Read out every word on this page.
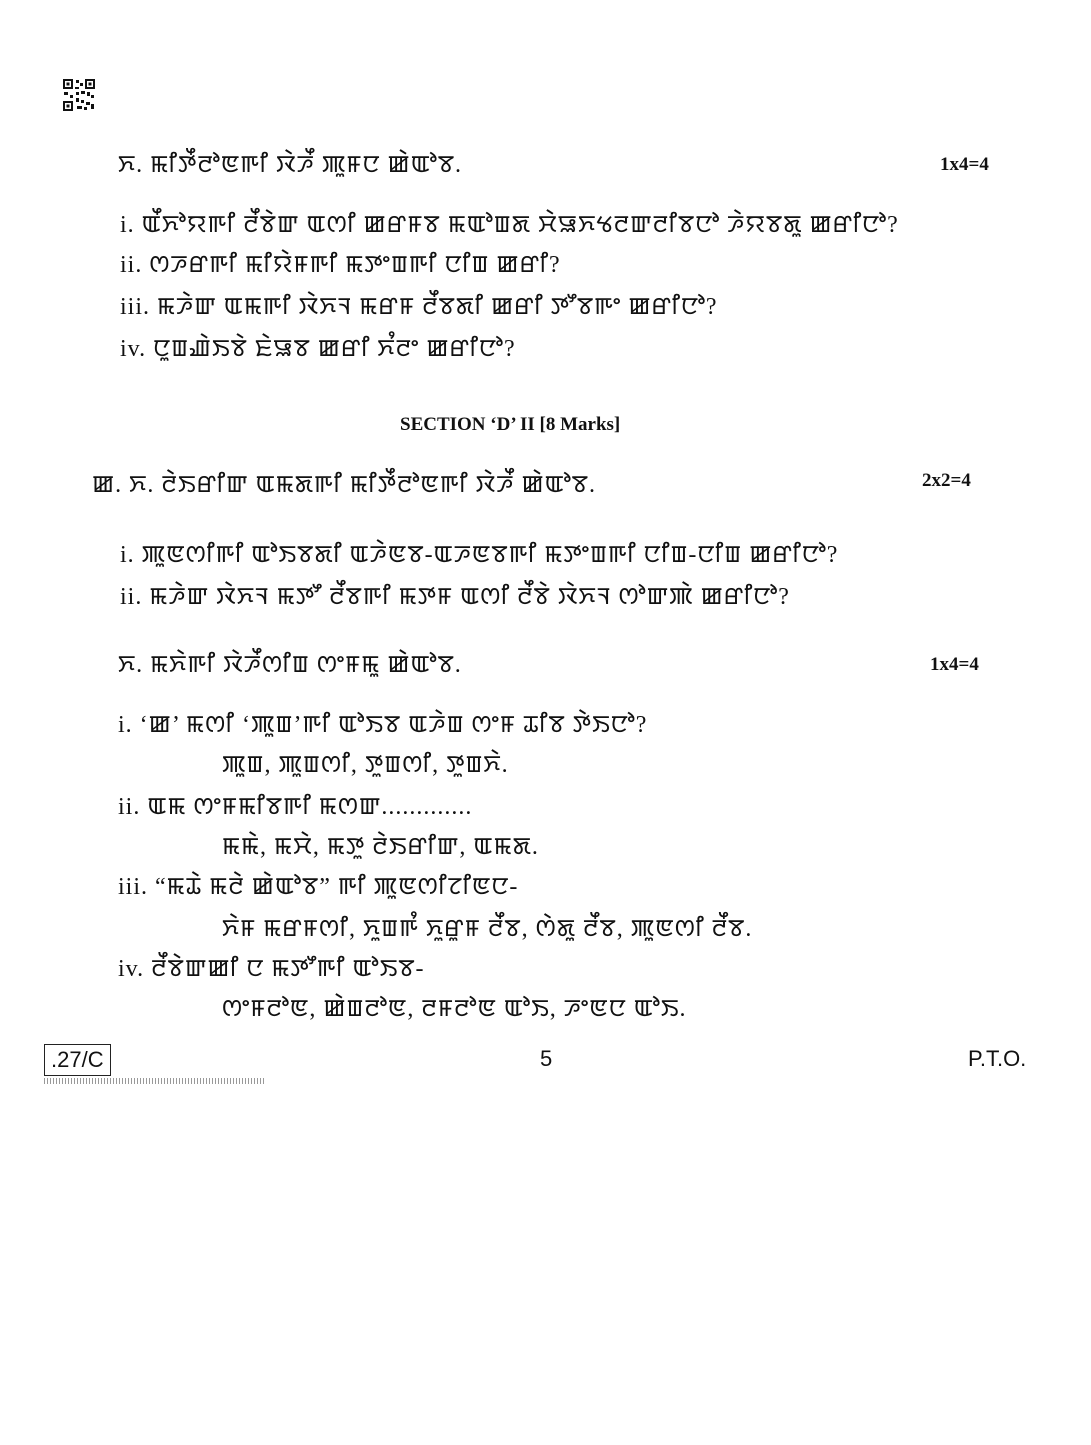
ꯈ. ꯃꯤꯇꯩꯂꯣꯟꯒꯤ ꯋꯥꯍꯩ ꯄꯨꯝꯅ ꯀꯥꯑꯣꯕ.	1x4=4
i. ꯑꯩꯈꯣꯌꯒꯤ ꯂꯩꯕꯥꯛ ꯑꯁꯤ ꯀꯔꯝꯕ ꯃꯑꯣꯡꯗ ꯆꯥꯎꯈꯠꯂꯛꯂꯤꯕꯅꯣ ꯍꯥꯌꯕꯗꯨ ꯀꯔꯤꯅꯣ?
ii. ꯁꯍꯔꯒꯤ ꯃꯤꯌꯥꯝꯒꯤ ꯃꯇꯦꯡꯒꯤ ꯅꯤꯡ ꯀꯔꯤ?
iii. ꯃꯍꯥꯛ ꯑꯃꯒꯤ ꯋꯥꯈꯜ ꯃꯔꯝ ꯂꯩꯕꯗꯤ ꯀꯔꯤ ꯇꯧꯕꯒꯦ ꯀꯔꯤꯅꯣ?
iv. ꯅꯨꯡꯉꯥꯏꯕꯥ ꯐꯥꯎꯕ ꯀꯔꯤ ꯈꯪꯂꯦ ꯀꯔꯤꯅꯣ?
SECTION ‘D’ II [8 Marks]
ꯀ. ꯈ. ꯂꯥꯏꯔꯤꯛ ꯑꯃꯗꯒꯤ ꯃꯤꯇꯩꯂꯣꯟꯒꯤ ꯋꯥꯍꯩ ꯀꯥꯑꯣꯕ.	2x2=4
i. ꯄꯨꯟꯁꯤꯒꯤ ꯑꯣꯏꯕꯗꯤ ꯑꯍꯥꯟꯕ-ꯑꯍꯟꯕꯒꯤ ꯃꯇꯦꯡꯒꯤ ꯅꯤꯡ-ꯅꯤꯡ ꯀꯔꯤꯅꯣ?
ii. ꯃꯍꯥꯛ ꯋꯥꯈꯜ ꯃꯇꯧ ꯂꯩꯕꯒꯤ ꯃꯇꯝ ꯑꯁꯤ ꯂꯩꯕꯥ ꯋꯥꯈꯜ ꯁꯣꯛꯄꯥ ꯀꯔꯤꯅꯣ?
ꯈ. ꯃꯈꯥꯒꯤ ꯋꯥꯍꯩꯁꯤꯡ ꯁꯦꯝꯃꯨ ꯀꯥꯑꯣꯕ.	1x4=4
i. ‘ꯀ’ ꯃꯁꯤ ‘ꯄꯨꯡ’ꯒꯤ ꯑꯣꯏꯕ ꯑꯍꯥꯡ ꯁꯦꯝ ꯊꯤꯕ ꯇꯥꯏꯅꯣ?
ꯄꯨꯡ, ꯄꯨꯡꯁꯤ, ꯇꯨꯡꯁꯤ, ꯇꯨꯡꯈꯥ.
ii. ꯑꯃ ꯁꯦꯝꯃꯤꯕꯒꯤ ꯃꯁꯛ.............
ꯃꯃꯥ, ꯃꯆꯥ, ꯃꯇꯨ ꯂꯥꯏꯔꯤꯛ, ꯑꯃꯗ.
iii. “ꯃꯊꯥ ꯃꯂꯥ ꯀꯥꯑꯣꯕ” ꯒꯤ ꯄꯨꯟꯁꯤꯖꯤꯟꯅ-
ꯈꯥꯝ ꯃꯔꯝꯁꯤ, ꯈꯨꯡꯒꯪ ꯈꯨꯔꯨꯝ ꯂꯩꯕ, ꯁꯥꯗꯨ ꯂꯩꯕ, ꯄꯨꯟꯁꯤ ꯂꯩꯕ.
iv. ꯂꯩꯕꯥꯛꯀꯤ ꯅ ꯃꯇꯧꯒꯤ ꯑꯣꯏꯕ-
ꯁꯦꯝꯂꯣꯟ, ꯀꯥꯡꯂꯣꯟ, ꯂꯝꯂꯣꯟ ꯑꯣꯏ, ꯍꯦꯟꯅ ꯑꯣꯏ.
.27/C	5	P.T.O.
